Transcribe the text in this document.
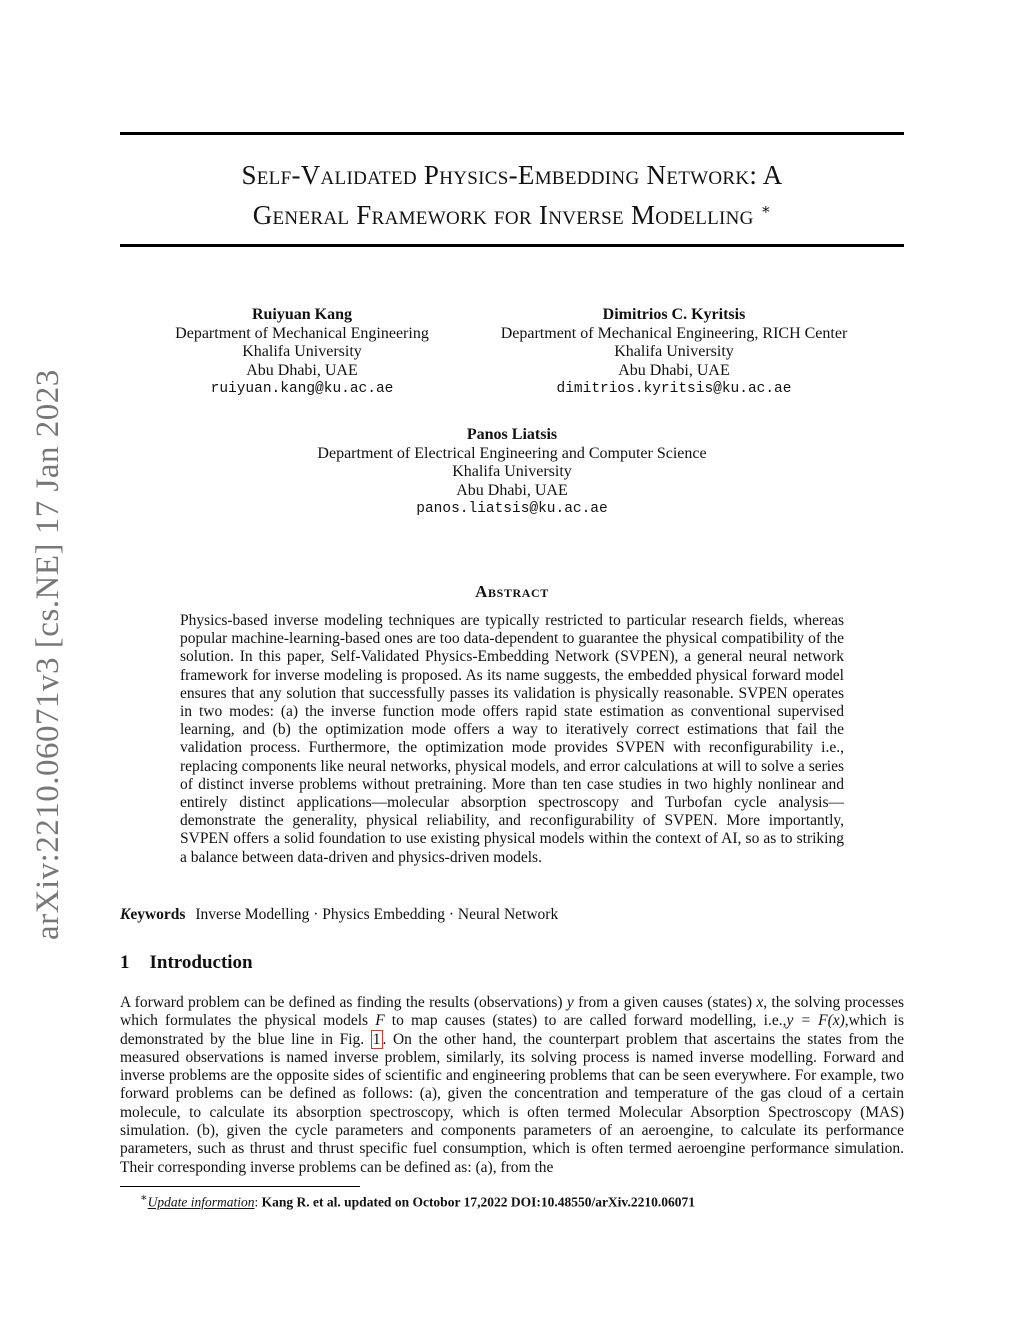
arXiv:2210.06071v3 [cs.NE] 17 Jan 2023
Self-Validated Physics-Embedding Network: A
General Framework for Inverse Modelling ∗
Ruiyuan Kang
Department of Mechanical Engineering
Khalifa University
Abu Dhabi, UAE
ruiyuan.kang@ku.ac.ae
Dimitrios C. Kyritsis
Department of Mechanical Engineering, RICH Center
Khalifa University
Abu Dhabi, UAE
dimitrios.kyritsis@ku.ac.ae
Panos Liatsis
Department of Electrical Engineering and Computer Science
Khalifa University
Abu Dhabi, UAE
panos.liatsis@ku.ac.ae
Abstract
Physics-based inverse modeling techniques are typically restricted to particular research fields, whereas popular machine-learning-based ones are too data-dependent to guarantee the physical compatibility of the solution. In this paper, Self-Validated Physics-Embedding Network (SVPEN), a general neural network framework for inverse modeling is proposed. As its name suggests, the embedded physical forward model ensures that any solution that successfully passes its validation is physically reasonable. SVPEN operates in two modes: (a) the inverse function mode offers rapid state estimation as conventional supervised learning, and (b) the optimization mode offers a way to iteratively correct estimations that fail the validation process. Furthermore, the optimization mode provides SVPEN with reconfigurability i.e., replacing components like neural networks, physical models, and error calculations at will to solve a series of distinct inverse problems without pretraining. More than ten case studies in two highly nonlinear and entirely distinct applications—molecular absorption spectroscopy and Turbofan cycle analysis—demonstrate the generality, physical reliability, and reconfigurability of SVPEN. More importantly, SVPEN offers a solid foundation to use existing physical models within the context of AI, so as to striking a balance between data-driven and physics-driven models.
Keywords Inverse Modelling · Physics Embedding · Neural Network
1 Introduction
A forward problem can be defined as finding the results (observations) y from a given causes (states) x, the solving processes which formulates the physical models F to map causes (states) to are called forward modelling, i.e.,y = F(x),which is demonstrated by the blue line in Fig. 1 . On the other hand, the counterpart problem that ascertains the states from the measured observations is named inverse problem, similarly, its solving process is named inverse modelling. Forward and inverse problems are the opposite sides of scientific and engineering problems that can be seen everywhere. For example, two forward problems can be defined as follows: (a), given the concentration and temperature of the gas cloud of a certain molecule, to calculate its absorption spectroscopy, which is often termed Molecular Absorption Spectroscopy (MAS) simulation. (b), given the cycle parameters and components parameters of an aeroengine, to calculate its performance parameters, such as thrust and thrust specific fuel consumption, which is often termed aeroengine performance simulation. Their corresponding inverse problems can be defined as: (a), from the
∗Update information: Kang R. et al. updated on Octobor 17,2022 DOI:10.48550/arXiv.2210.06071
